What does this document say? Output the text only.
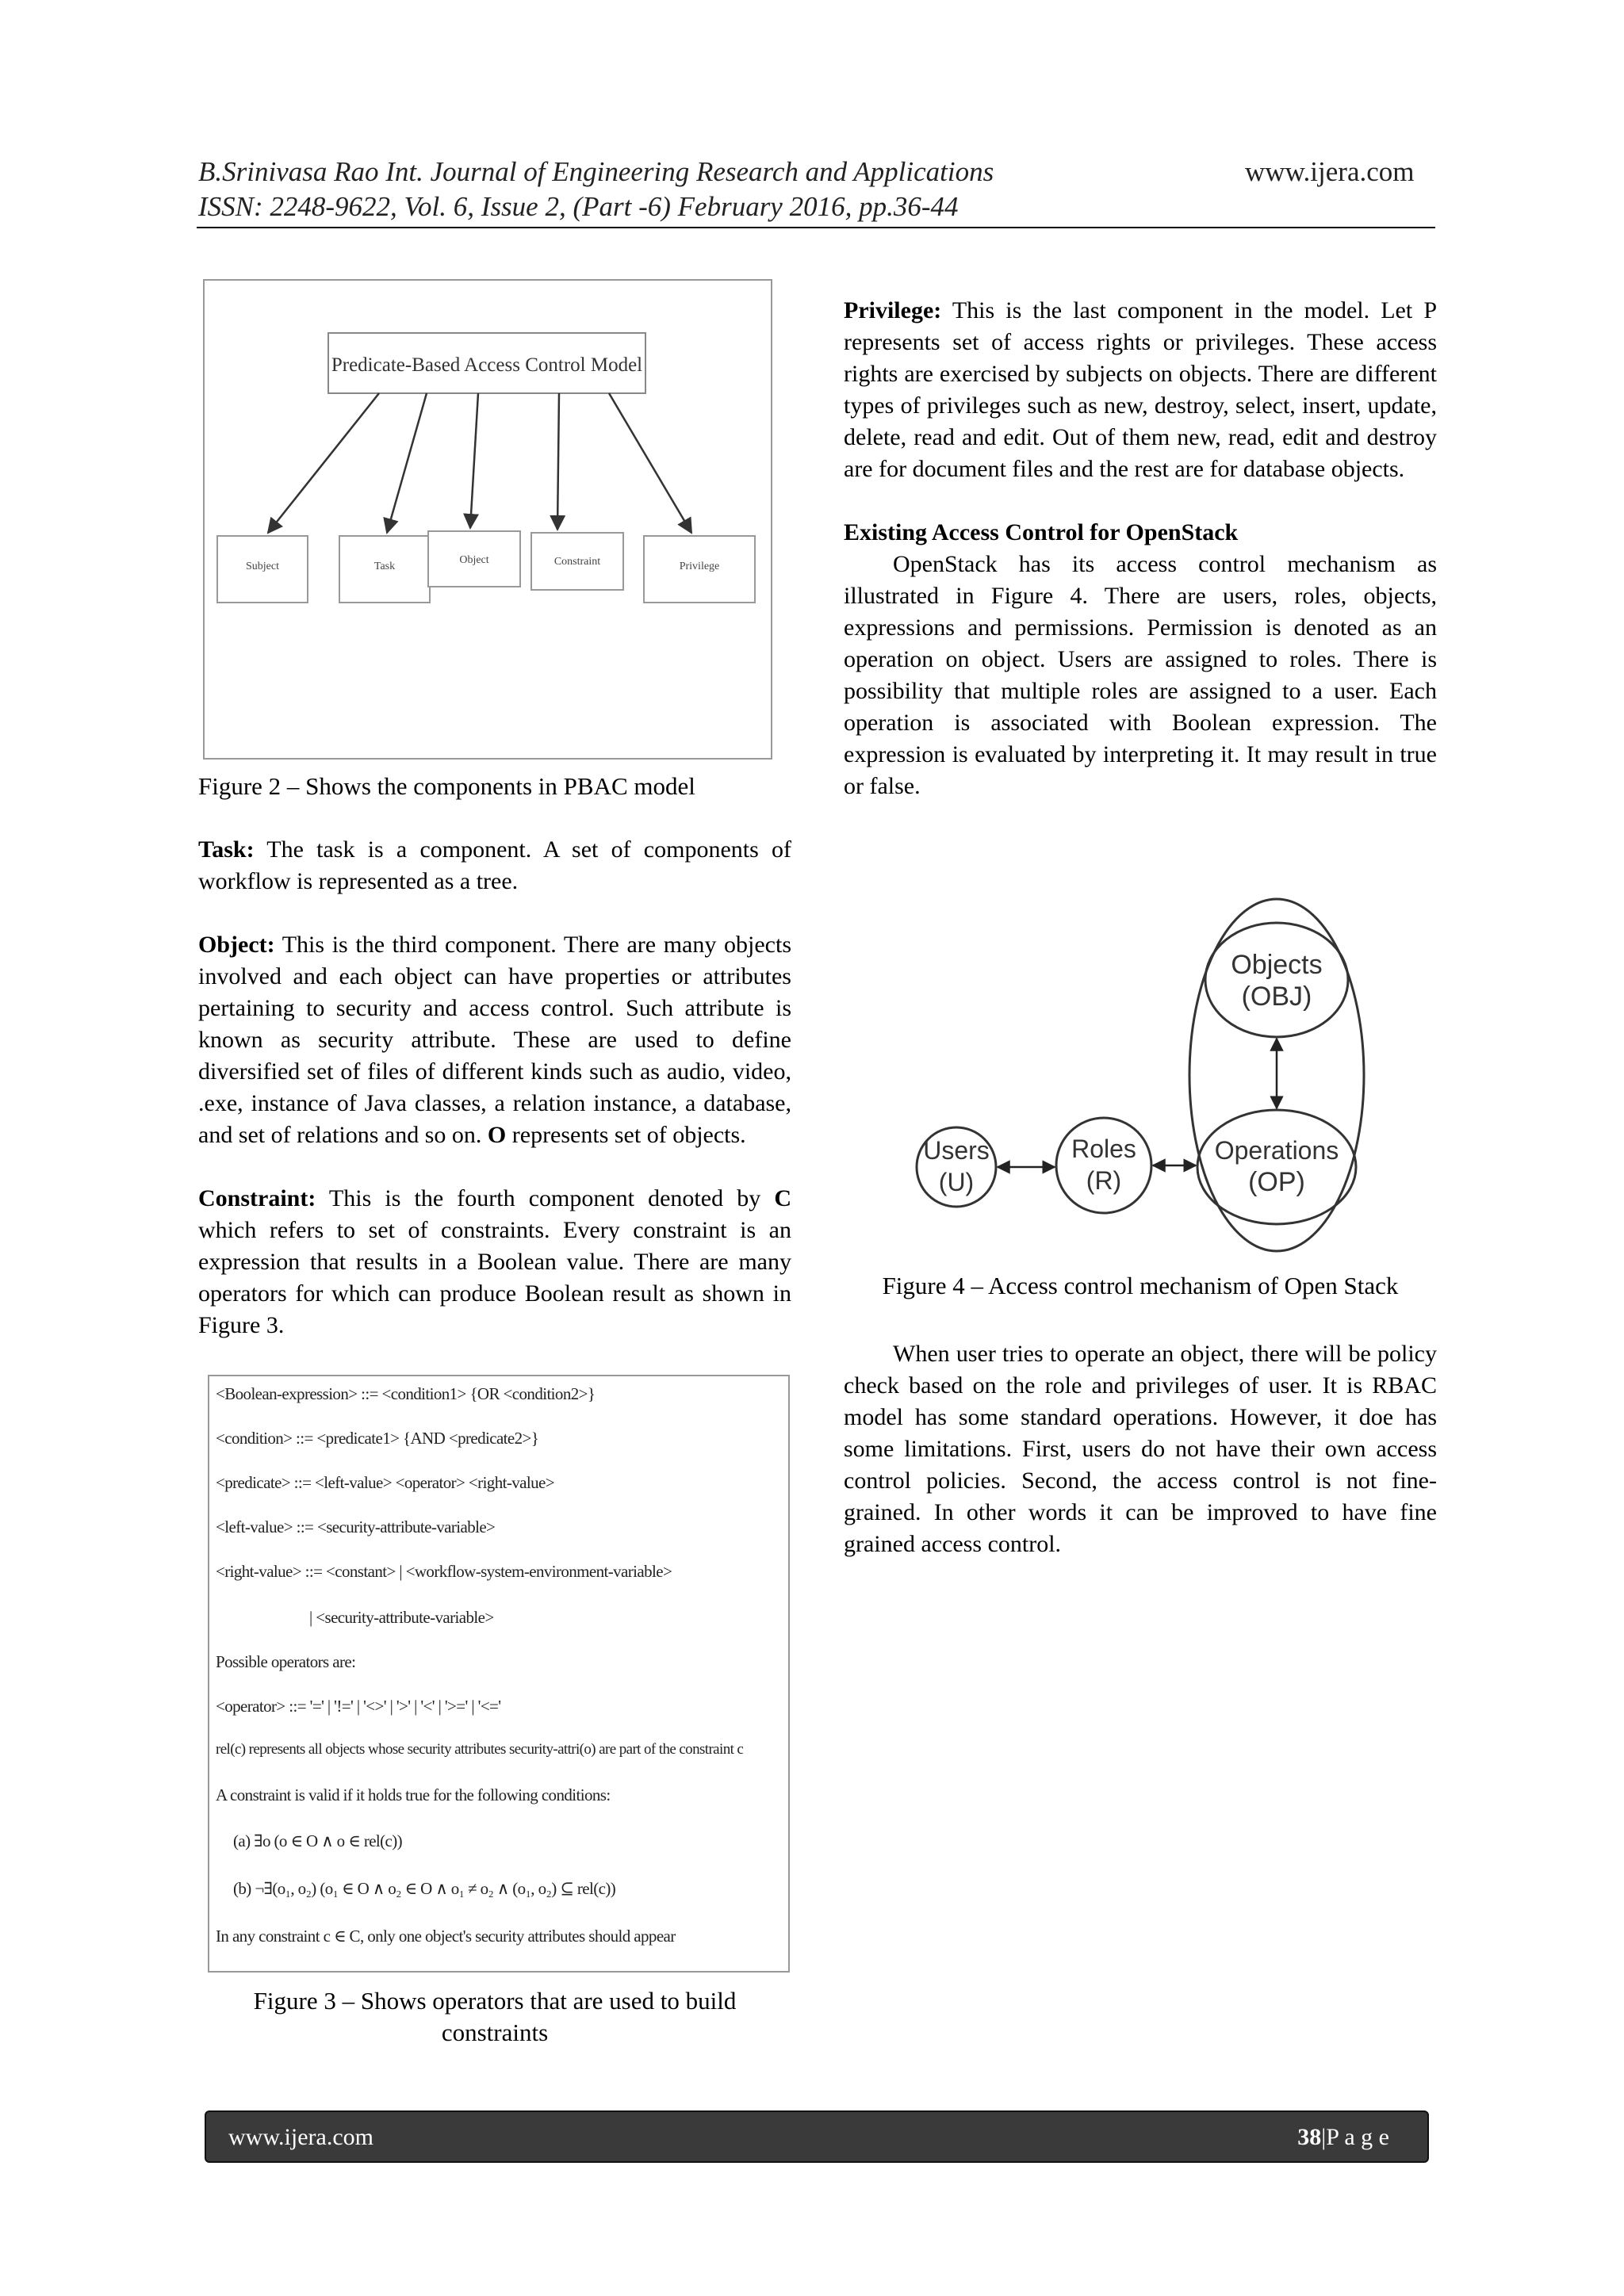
B.Srinivasa Rao Int. Journal of Engineering Research and Applications	www.ijera.com
ISSN: 2248-9622, Vol. 6, Issue 2, (Part -6) February 2016, pp.36-44
Predicate-Based Access Control Model
Subject	Task
Object	Constraint	Privilege
Figure 2 – Shows the components in PBAC model

Task: The task is a component. A set of components of workflow is represented as a tree.

Object: This is the third component. There are many objects involved and each object can have properties or attributes pertaining to security and access control. Such attribute is known as security attribute. These are used to define diversified set of files of different kinds such as audio, video, .exe, instance of Java classes, a relation instance, a database, and set of relations and so on. O represents set of objects.

Constraint: This is the fourth component denoted by C which refers to set of constraints. Every constraint is an expression that results in a Boolean value. There are many operators for which can produce Boolean result as shown in Figure 3.

<Boolean-expression> ::= <condition1> {OR <condition2>}
<condition> ::= <predicate1> {AND <predicate2>}
<predicate> ::= <left-value> <operator> <right-value>
<left-value> ::= <security-attribute-variable>
<right-value> ::= <constant> | <workflow-system-environment-variable>
| <security-attribute-variable>
Possible operators are:
<operator> ::= '=' | '!=' | '<>' | '>' | '<' | '>=' | '<='
rel(c) represents all objects whose security attributes security-attri(o) are part of the constraint c
A constraint is valid if it holds true for the following conditions:
(a) ∃o (o ∈ O ∧ o ∈ rel(c))
(b) ¬∃(o₁, o₂) (o₁ ∈ O ∧ o₂ ∈ O ∧ o₁ ≠ o₂ ∧ (o₁, o₂) ⊆ rel(c))
In any constraint c ∈ C, only one object's security attributes should appear
Figure 3 – Shows operators that are used to build
constraints

Privilege: This is the last component in the model. Let P represents set of access rights or privileges. These access rights are exercised by subjects on objects. There are different types of privileges such as new, destroy, select, insert, update, delete, read and edit. Out of them new, read, edit and destroy are for document files and the rest are for database objects.

Existing Access Control for OpenStack

OpenStack has its access control mechanism as illustrated in Figure 4. There are users, roles, objects, expressions and permissions. Permission is denoted as an operation on object. Users are assigned to roles. There is possibility that multiple roles are assigned to a user. Each operation is associated with Boolean expression. The expression is evaluated by interpreting it. It may result in true or false.

Objects
(OBJ)
Operations
(OP)
Users
(U)
Roles
(R)
Figure 4 – Access control mechanism of Open Stack

When user tries to operate an object, there will be policy check based on the role and privileges of user. It is RBAC model has some standard operations. However, it doe has some limitations. First, users do not have their own access control policies. Second, the access control is not fine-grained. In other words it can be improved to have fine grained access control.

www.ijera.com	38|P a g e
